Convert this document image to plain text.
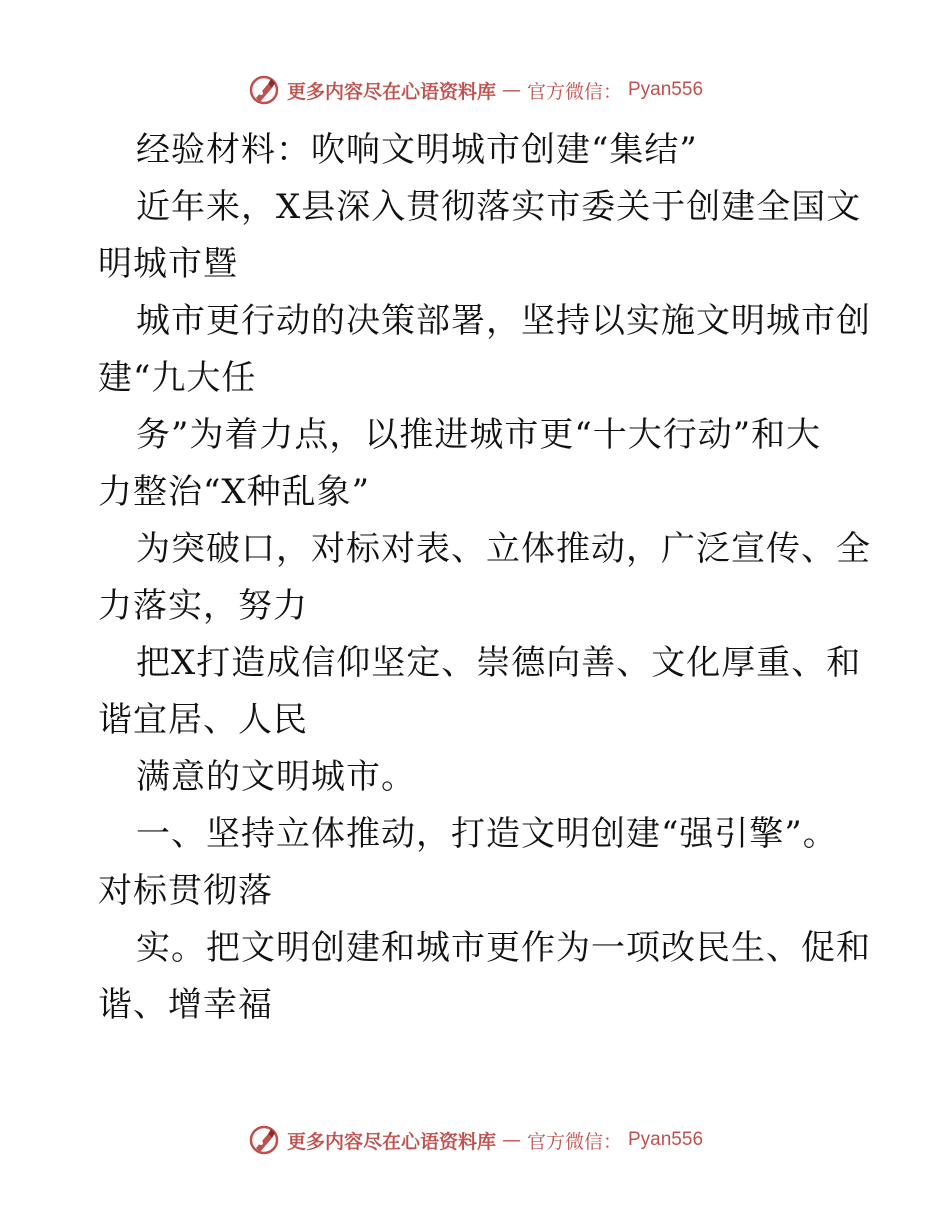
更多内容尽在心语资料库 — 官方微信： Pyan556
经验材料：吹响文明城市创建“集结”
近年来，X县深入贯彻落实市委关于创建全国文
明城市暨
城市更行动的决策部署，坚持以实施文明城市创
建“九大任
务”为着力点，以推进城市更“十大行动”和大
力整治“X种乱象”
为突破口，对标对表、立体推动，广泛宣传、全
力落实，努力
把X打造成信仰坚定、崇德向善、文化厚重、和
谐宜居、人民
满意的文明城市。
一、坚持立体推动，打造文明创建“强引擎”。
对标贯彻落
实。把文明创建和城市更作为一项改民生、促和
谐、增幸福
更多内容尽在心语资料库 — 官方微信： Pyan556
